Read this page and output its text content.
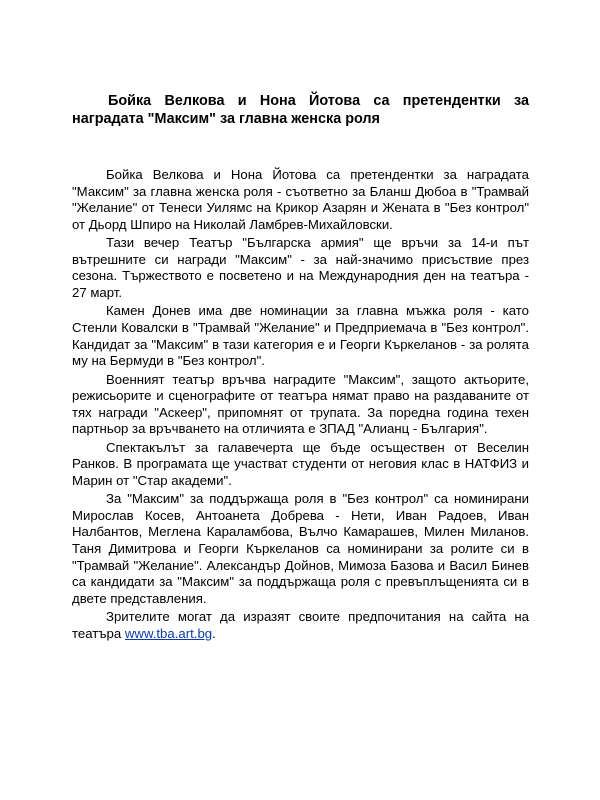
Бойка Велкова и Нона Йотова са претендентки за наградата "Максим" за главна женска роля

Бойка Велкова и Нона Йотова са претендентки за наградата "Максим" за главна женска роля - съответно за Бланш Дюбоа в "Трамвай "Желание" от Тенеси Уилямс на Крикор Азарян и Жената в "Без контрол" от Дьорд Шпиро на Николай Ламбрев-Михайловски.

Тази вечер Театър "Българска армия" ще връчи за 14-и път вътрешните си награди "Максим" - за най-значимо присъствие през сезона. Тържеството е посветено и на Международния ден на театъра - 27 март.

Камен Донев има две номинации за главна мъжка роля - като Стенли Ковалски в "Трамвай "Желание" и Предприемача в "Без контрол". Кандидат за "Максим" в тази категория е и Георги Къркеланов - за ролята му на Бермуди в "Без контрол".

Военният театър връчва наградите "Максим", защото актьорите, режисьорите и сценографите от театъра нямат право на раздаваните от тях награди "Аскеер", припомнят от трупата. За поредна година техен партньор за връчването на отличията е ЗПАД "Алианц - България".

Спектакълът за галавечерта ще бъде осъществен от Веселин Ранков. В програмата ще участват студенти от неговия клас в НАТФИЗ и Марин от "Стар академи".

За "Максим" за поддържаща роля в "Без контрол" са номинирани Мирослав Косев, Антоанета Добрева - Нети, Иван Радоев, Иван Налбантов, Меглена Караламбова, Вълчо Камарашев, Милен Миланов. Таня Димитрова и Георги Къркеланов са номинирани за ролите си в "Трамвай "Желание". Александър Дойнов, Мимоза Базова и Васил Бинев са кандидати за "Максим" за поддържаща роля с превъплъщенията си в двете представления.

Зрителите могат да изразят своите предпочитания на сайта на театъра www.tba.art.bg.
